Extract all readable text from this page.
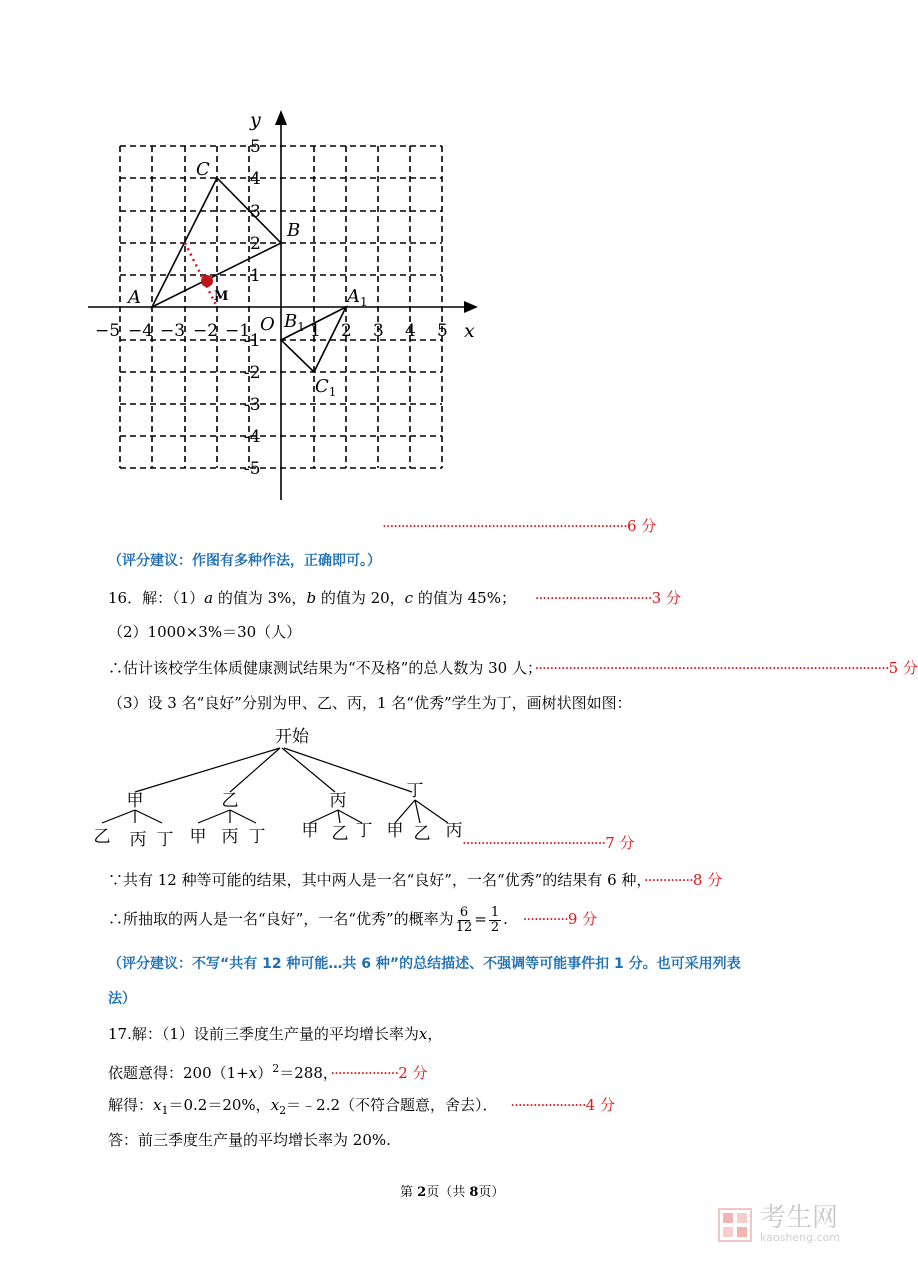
y
x
O
−5 −4 −3 −2 −1	1 2 3 4 5
5
4
3
2
1
-1
-2
-3
-4
-5
A
C
B
M	$A_1$
$B_1$
$C_1$
·································································6 分
（评分建议：作图有多种作法，正确即可。）
16．解：（1）a 的值为 3%，b 的值为 20，c 的值为 45%； ·······························3 分
（2）1000×3%＝30（人）
∴估计该校学生体质健康测试结果为“不及格”的总人数为 30 人；······························································································5 分
（3）设 3 名“良好”分别为甲、乙、丙，1 名“优秀”学生为丁，画树状图如图：
开始
甲	乙	丙	丁
乙 丙 丁 甲 丙 丁 甲 乙 丁 甲 乙 丙
······································7 分
∵共有 12 种等可能的结果，其中两人是一名“良好”，一名“优秀”的结果有 6 种，·············8 分
∴所抽取的两人是一名“良好”，一名“优秀”的概率为 $\frac{6}{12} = \frac{1}{2}$ . ············9 分
（评分建议：不写“共有 12 种可能…共 6 种”的总结描述、不强调等可能事件扣 1 分。也可采用列表
法）
17.解：（1）设前三季度生产量的平均增长率为x，
依题意得：$200(1+x)^2=288$，··················2 分
解得：$x_1=0.2=20\%$，$x_2=﹣2.2$（不符合题意，舍去）． ····················4 分
答：前三季度生产量的平均增长率为 20%.
第 2页（共 8页）
考生网
kaosheng.com
